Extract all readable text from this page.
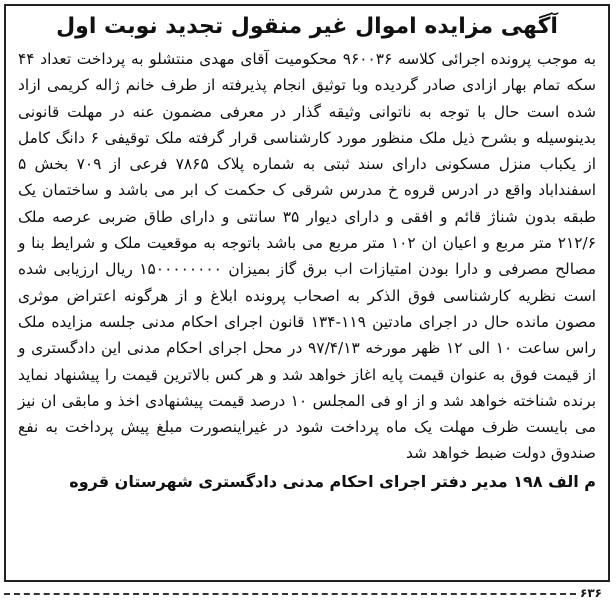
آگهی مزایده اموال غیر منقول تجدید نوبت اول

به موجب پرونده اجرائی کلاسه ۹۶۰۰۳۶ محکومیت آقای مهدی منتشلو به پرداخت تعداد ۴۴ سکه تمام بهار ازادی صادر گردیده وبا توثیق انجام پذیرفته از طرف خانم ژاله کریمی ازاد شده است حال با توجه به ناتوانی وثیقه گذار در معرفی مضمون عنه در مهلت قانونی بدینوسیله و بشرح ذیل ملک منظور مورد کارشناسی قرار گرفته ملک توقیفی ۶ دانگ کامل از یکباب منزل مسکونی دارای سند ثبتی به شماره پلاک ۷۸۶۵ فرعی از ۷۰۹ بخش ۵ اسفنداباد واقع در ادرس قروه خ مدرس شرقی ک حکمت ک ابر می باشد و ساختمان یک طبقه بدون شناژ قائم و افقی و دارای دیوار ۳۵ سانتی و دارای طاق ضربی عرصه ملک ۲۱۲/۶ متر مربع و اعیان ان ۱۰۲ متر مربع می باشد باتوجه به موقعیت ملک و شرایط بنا و مصالح مصرفی و دارا بودن امتیازات اب برق گاز بمیزان ۱۵۰۰۰۰۰۰۰۰ ریال ارزیابی شده است نظریه کارشناسی فوق الذکر به اصحاب پرونده ابلاغ و از هرگونه اعتراض موثری مصون مانده حال در اجرای مادتین ۱۱۹-۱۳۴ قانون اجرای احکام مدنی جلسه مزایده ملک راس ساعت ۱۰ الی ۱۲ ظهر مورخه ۹۷/۴/۱۳ در محل اجرای احکام مدنی این دادگستری و از قیمت فوق به عنوان قیمت پایه اغاز خواهد شد و هر کس بالاترین قیمت را پیشنهاد نماید برنده شناخته خواهد شد و از او فی المجلس ۱۰ درصد قیمت پیشنهادی اخذ و مابقی ان نیز می بایست ظرف مهلت یک ماه پرداخت شود در غیراینصورت مبلغ پیش پرداخت به نفع صندوق دولت ضبط خواهد شد

م الف ۱۹۸ مدیر دفتر اجرای احکام مدنی دادگستری شهرستان قروه
۶۳۶
